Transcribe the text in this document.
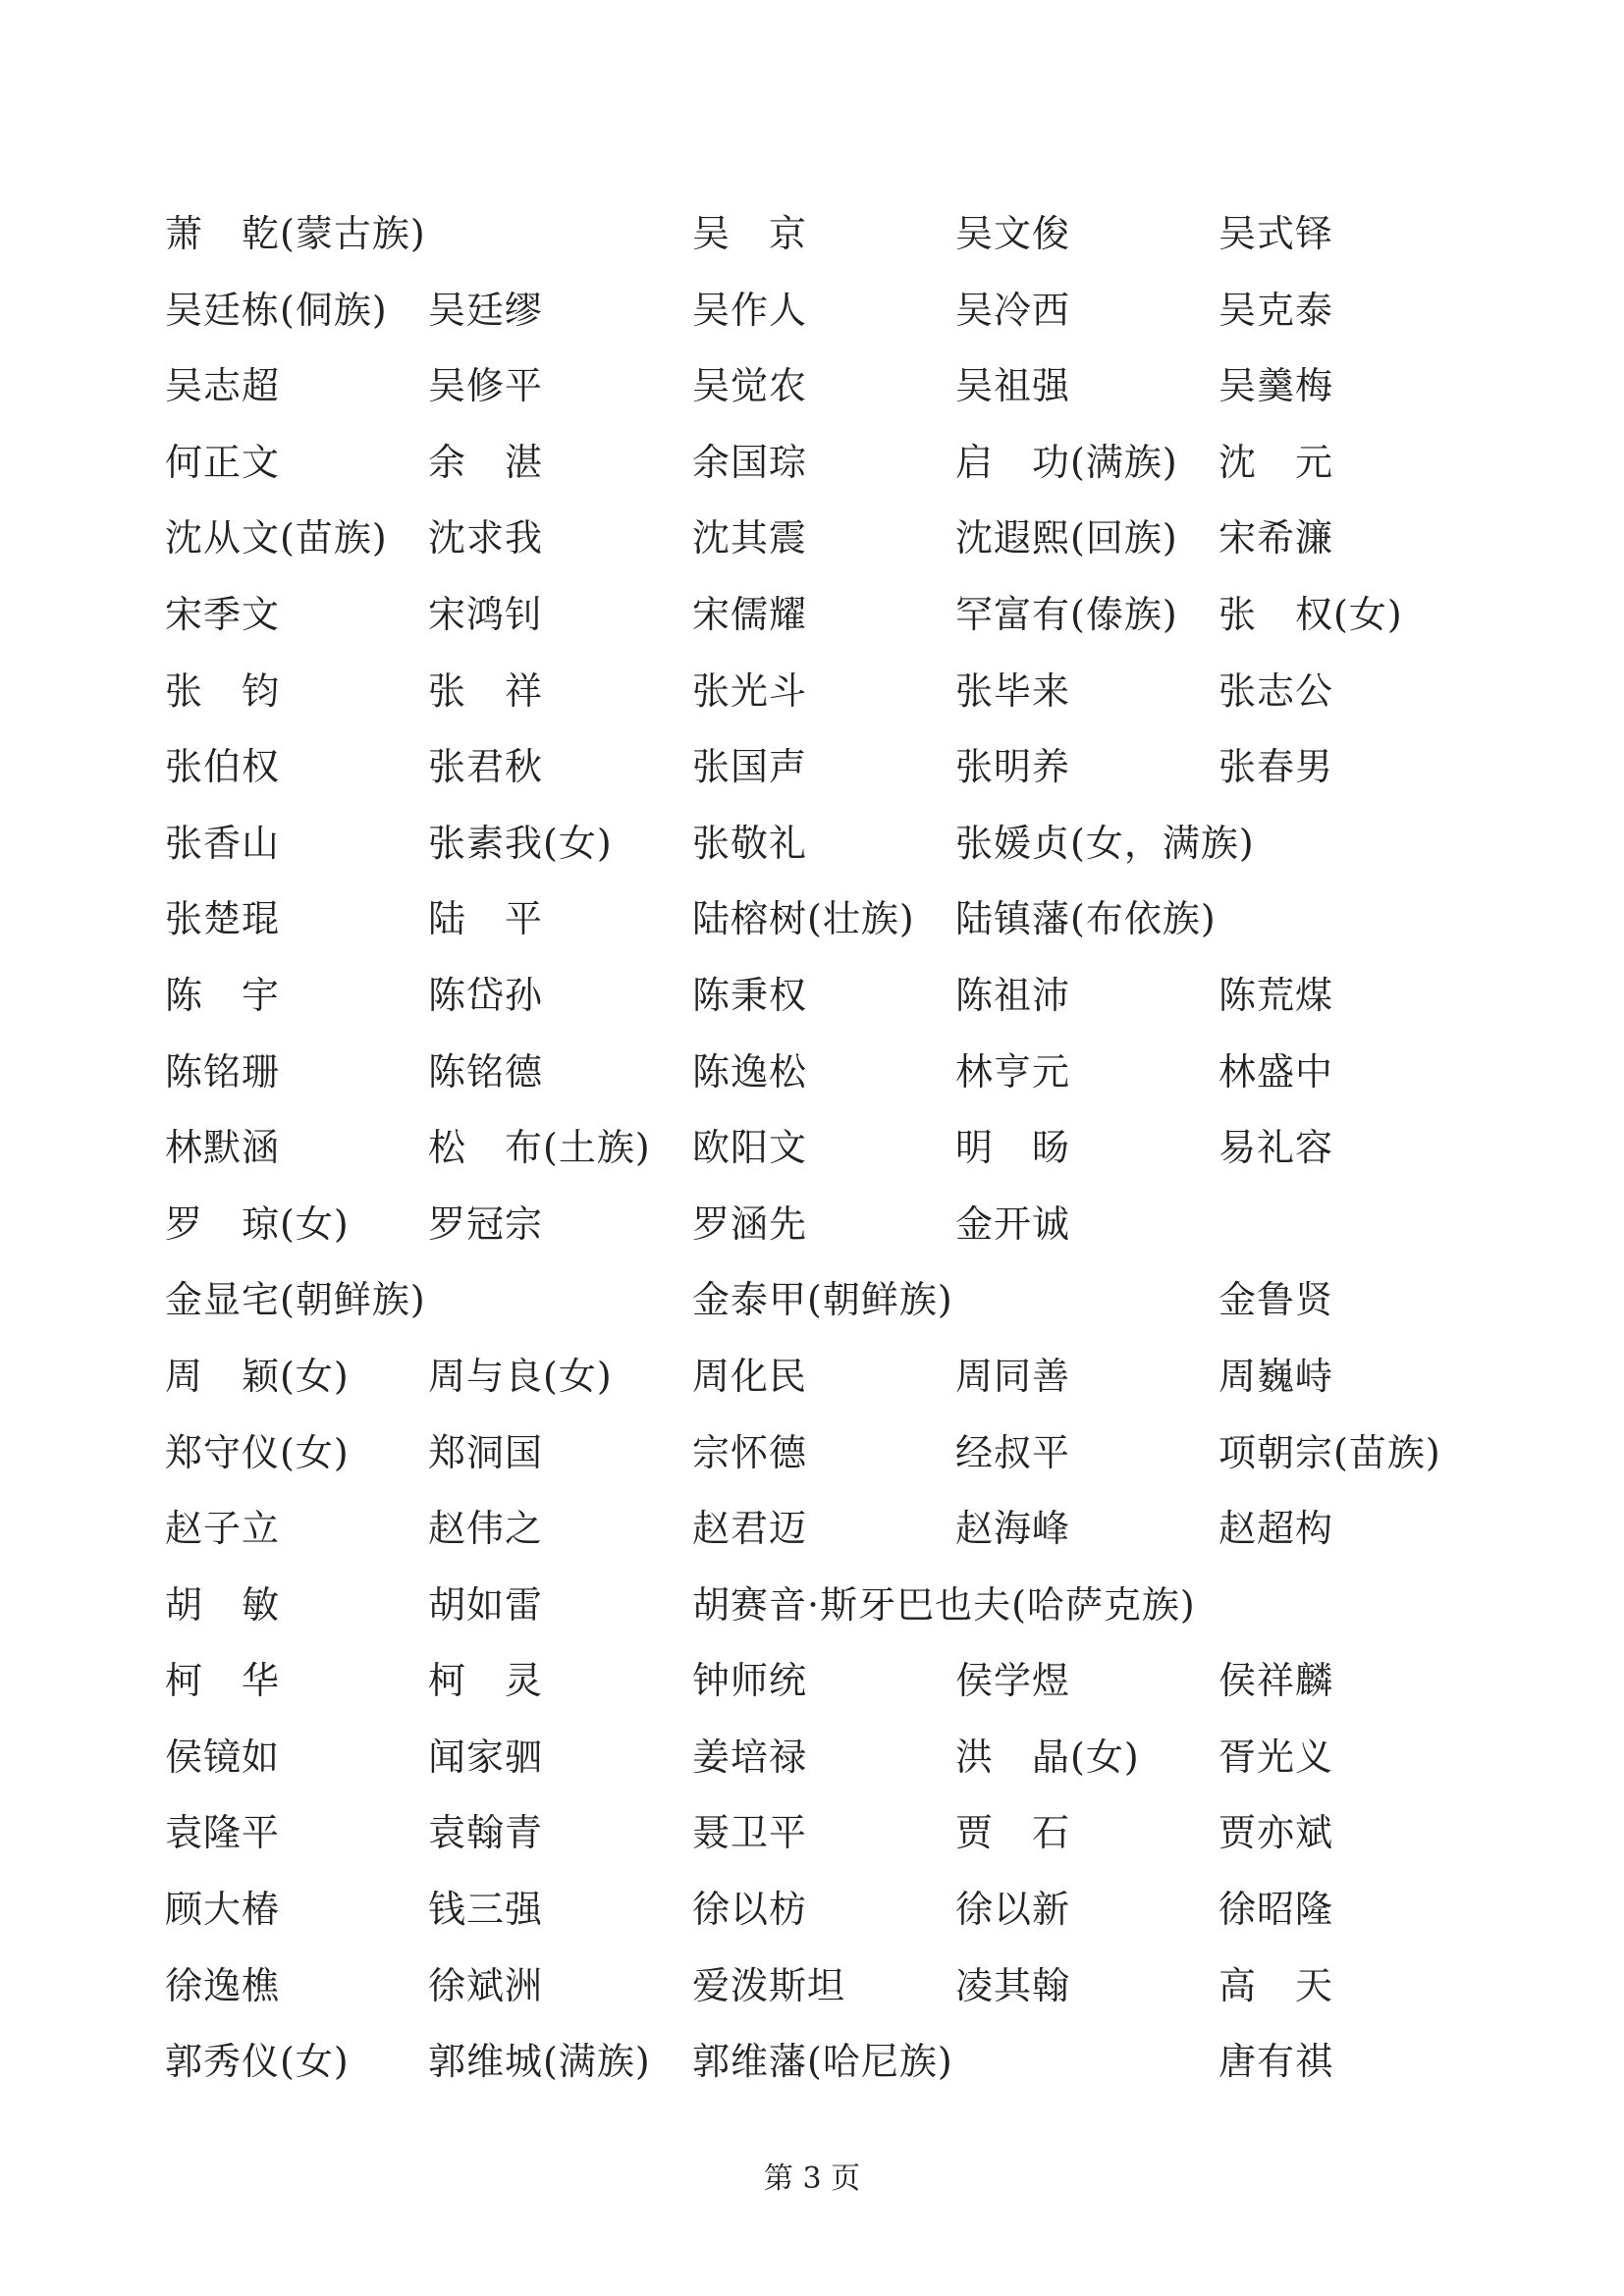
萧　乾(蒙古族)	吴　京	吴文俊	吴式铎
吴廷栋(侗族) 吴廷缪	吴作人	吴冷西	吴克泰
吴志超	吴修平	吴觉农	吴祖强	吴羹梅
何正文	余　湛	余国琮	启　功(满族) 沈　元
沈从文(苗族) 沈求我	沈其震	沈遐熙(回族) 宋希濂
宋季文	宋鸿钊	宋儒耀	罕富有(傣族) 张　权(女)
张　钧	张　祥	张光斗	张毕来	张志公
张伯权	张君秋	张国声	张明养	张春男
张香山	张素我(女) 张敬礼	张媛贞(女，满族)
张楚琨	陆　平	陆榕树(壮族) 陆镇藩(布依族)
陈　宇	陈岱孙	陈秉权	陈祖沛	陈荒煤
陈铭珊	陈铭德	陈逸松	林亨元	林盛中
林默涵	松　布(土族) 欧阳文	明　旸	易礼容
罗　琼(女) 罗冠宗	罗涵先	金开诚
金显宅(朝鲜族)	金泰甲(朝鲜族)	金鲁贤
周　颖(女) 周与良(女) 周化民	周同善	周巍峙
郑守仪(女) 郑洞国	宗怀德	经叔平	项朝宗(苗族)
赵子立	赵伟之	赵君迈	赵海峰	赵超构
胡　敏	胡如雷	胡赛音·斯牙巴也夫(哈萨克族)
柯　华	柯　灵	钟师统	侯学煜	侯祥麟
侯镜如	闻家驷	姜培禄	洪　晶(女) 胥光义
袁隆平	袁翰青	聂卫平	贾　石	贾亦斌
顾大椿	钱三强	徐以枋	徐以新	徐昭隆
徐逸樵	徐斌洲	爱泼斯坦	凌其翰	高　天
郭秀仪(女) 郭维城(满族) 郭维藩(哈尼族)	唐有祺
第 3 页
